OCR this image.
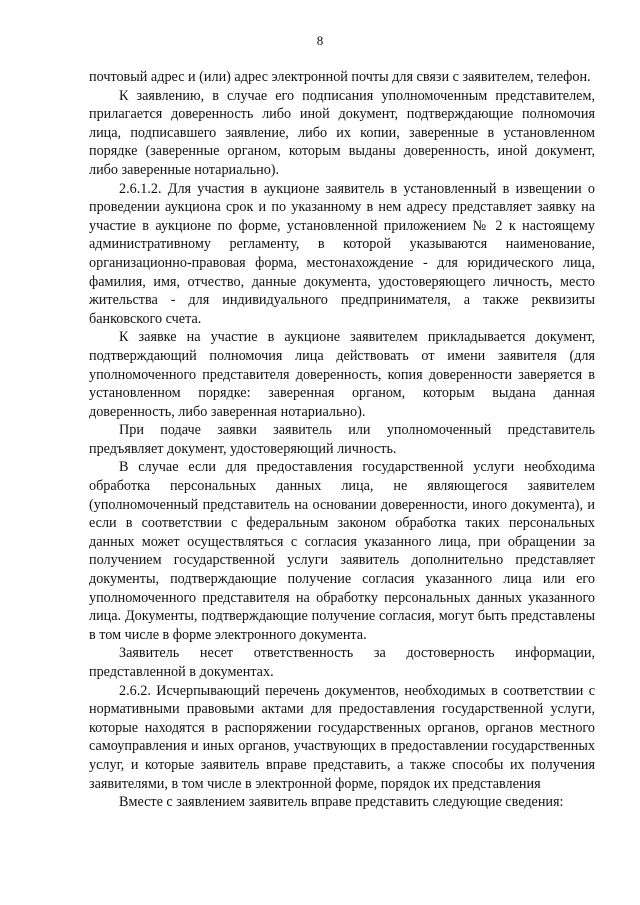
8

почтовый адрес и (или) адрес электронной почты для связи с заявителем, телефон.

К заявлению, в случае его подписания уполномоченным представителем, прилагается доверенность либо иной документ, подтверждающие полномочия лица, подписавшего заявление, либо их копии, заверенные в установленном порядке (заверенные органом, которым выданы доверенность, иной документ, либо заверенные нотариально).

2.6.1.2. Для участия в аукционе заявитель в установленный в извещении о проведении аукциона срок и по указанному в нем адресу представляет заявку на участие в аукционе по форме, установленной приложением № 2 к настоящему административному регламенту, в которой указываются наименование, организационно-правовая форма, местонахождение - для юридического лица, фамилия, имя, отчество, данные документа, удостоверяющего личность, место жительства - для индивидуального предпринимателя, а также реквизиты банковского счета.

К заявке на участие в аукционе заявителем прикладывается документ, подтверждающий полномочия лица действовать от имени заявителя (для уполномоченного представителя доверенность, копия доверенности заверяется в установленном порядке: заверенная органом, которым выдана данная доверенность, либо заверенная нотариально).

При подаче заявки заявитель или уполномоченный представитель предъявляет документ, удостоверяющий личность.

В случае если для предоставления государственной услуги необходима обработка персональных данных лица, не являющегося заявителем (уполномоченный представитель на основании доверенности, иного документа), и если в соответствии с федеральным законом обработка таких персональных данных может осуществляться с согласия указанного лица, при обращении за получением государственной услуги заявитель дополнительно представляет документы, подтверждающие получение согласия указанного лица или его уполномоченного представителя на обработку персональных данных указанного лица. Документы, подтверждающие получение согласия, могут быть представлены в том числе в форме электронного документа.

Заявитель несет ответственность за достоверность информации, представленной в документах.

2.6.2. Исчерпывающий перечень документов, необходимых в соответствии с нормативными правовыми актами для предоставления государственной услуги, которые находятся в распоряжении государственных органов, органов местного самоуправления и иных органов, участвующих в предоставлении государственных услуг, и которые заявитель вправе представить, а также способы их получения заявителями, в том числе в электронной форме, порядок их представления

Вместе с заявлением заявитель вправе представить следующие сведения:
